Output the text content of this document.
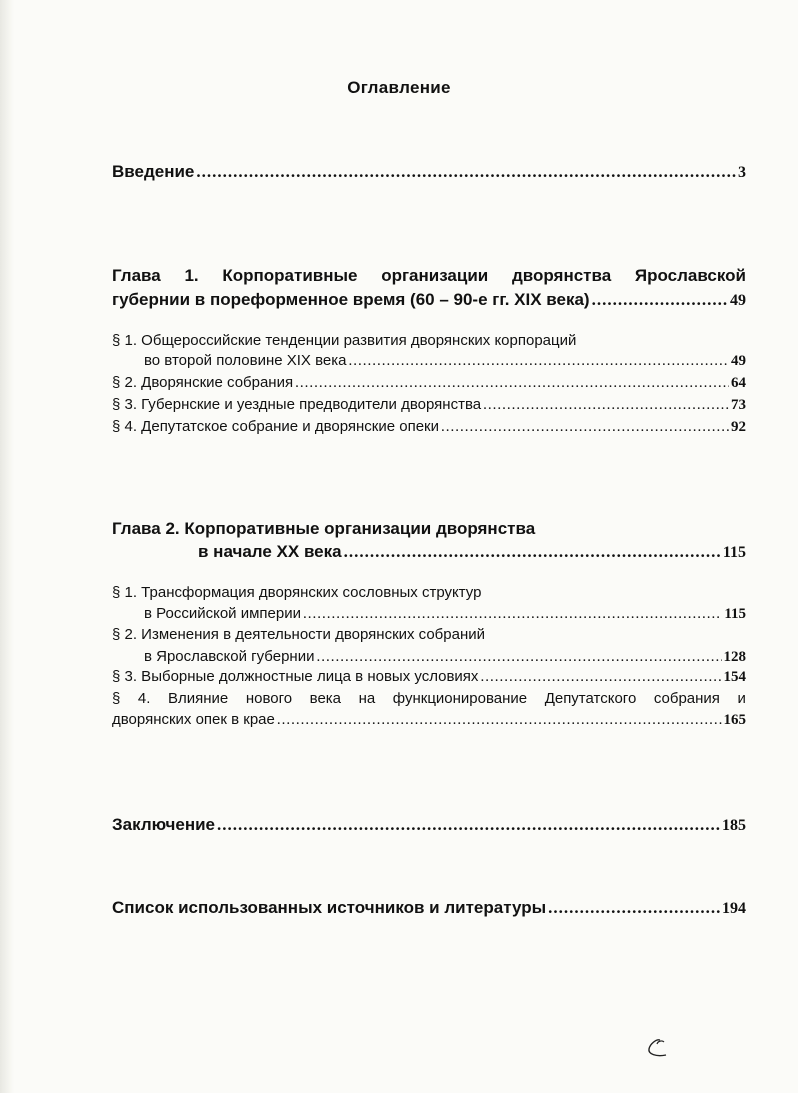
Оглавление
Введение .....	3
Глава 1. Корпоративные организации дворянства Ярославской
губернии в пореформенное время (60 – 90-е гг. XIX века) .....	49
§ 1. Общероссийские тенденции развития дворянских корпораций
во второй половине XIX века .....	49
§ 2. Дворянские собрания .....	64
§ 3. Губернские и уездные предводители дворянства .....	73
§ 4. Депутатское собрание и дворянские опеки .....	92
Глава 2. Корпоративные организации дворянства
в начале XX века .....	115
§ 1. Трансформация дворянских сословных структур
в Российской империи .....	115
§ 2. Изменения в деятельности дворянских собраний
в Ярославской губернии .....	128
§ 3. Выборные должностные лица в новых условиях .....	154
§ 4. Влияние нового века на функционирование Депутатского собрания и
дворянских опек в крае .....	165
Заключение .....	185
Список использованных источников и литературы .....	194
